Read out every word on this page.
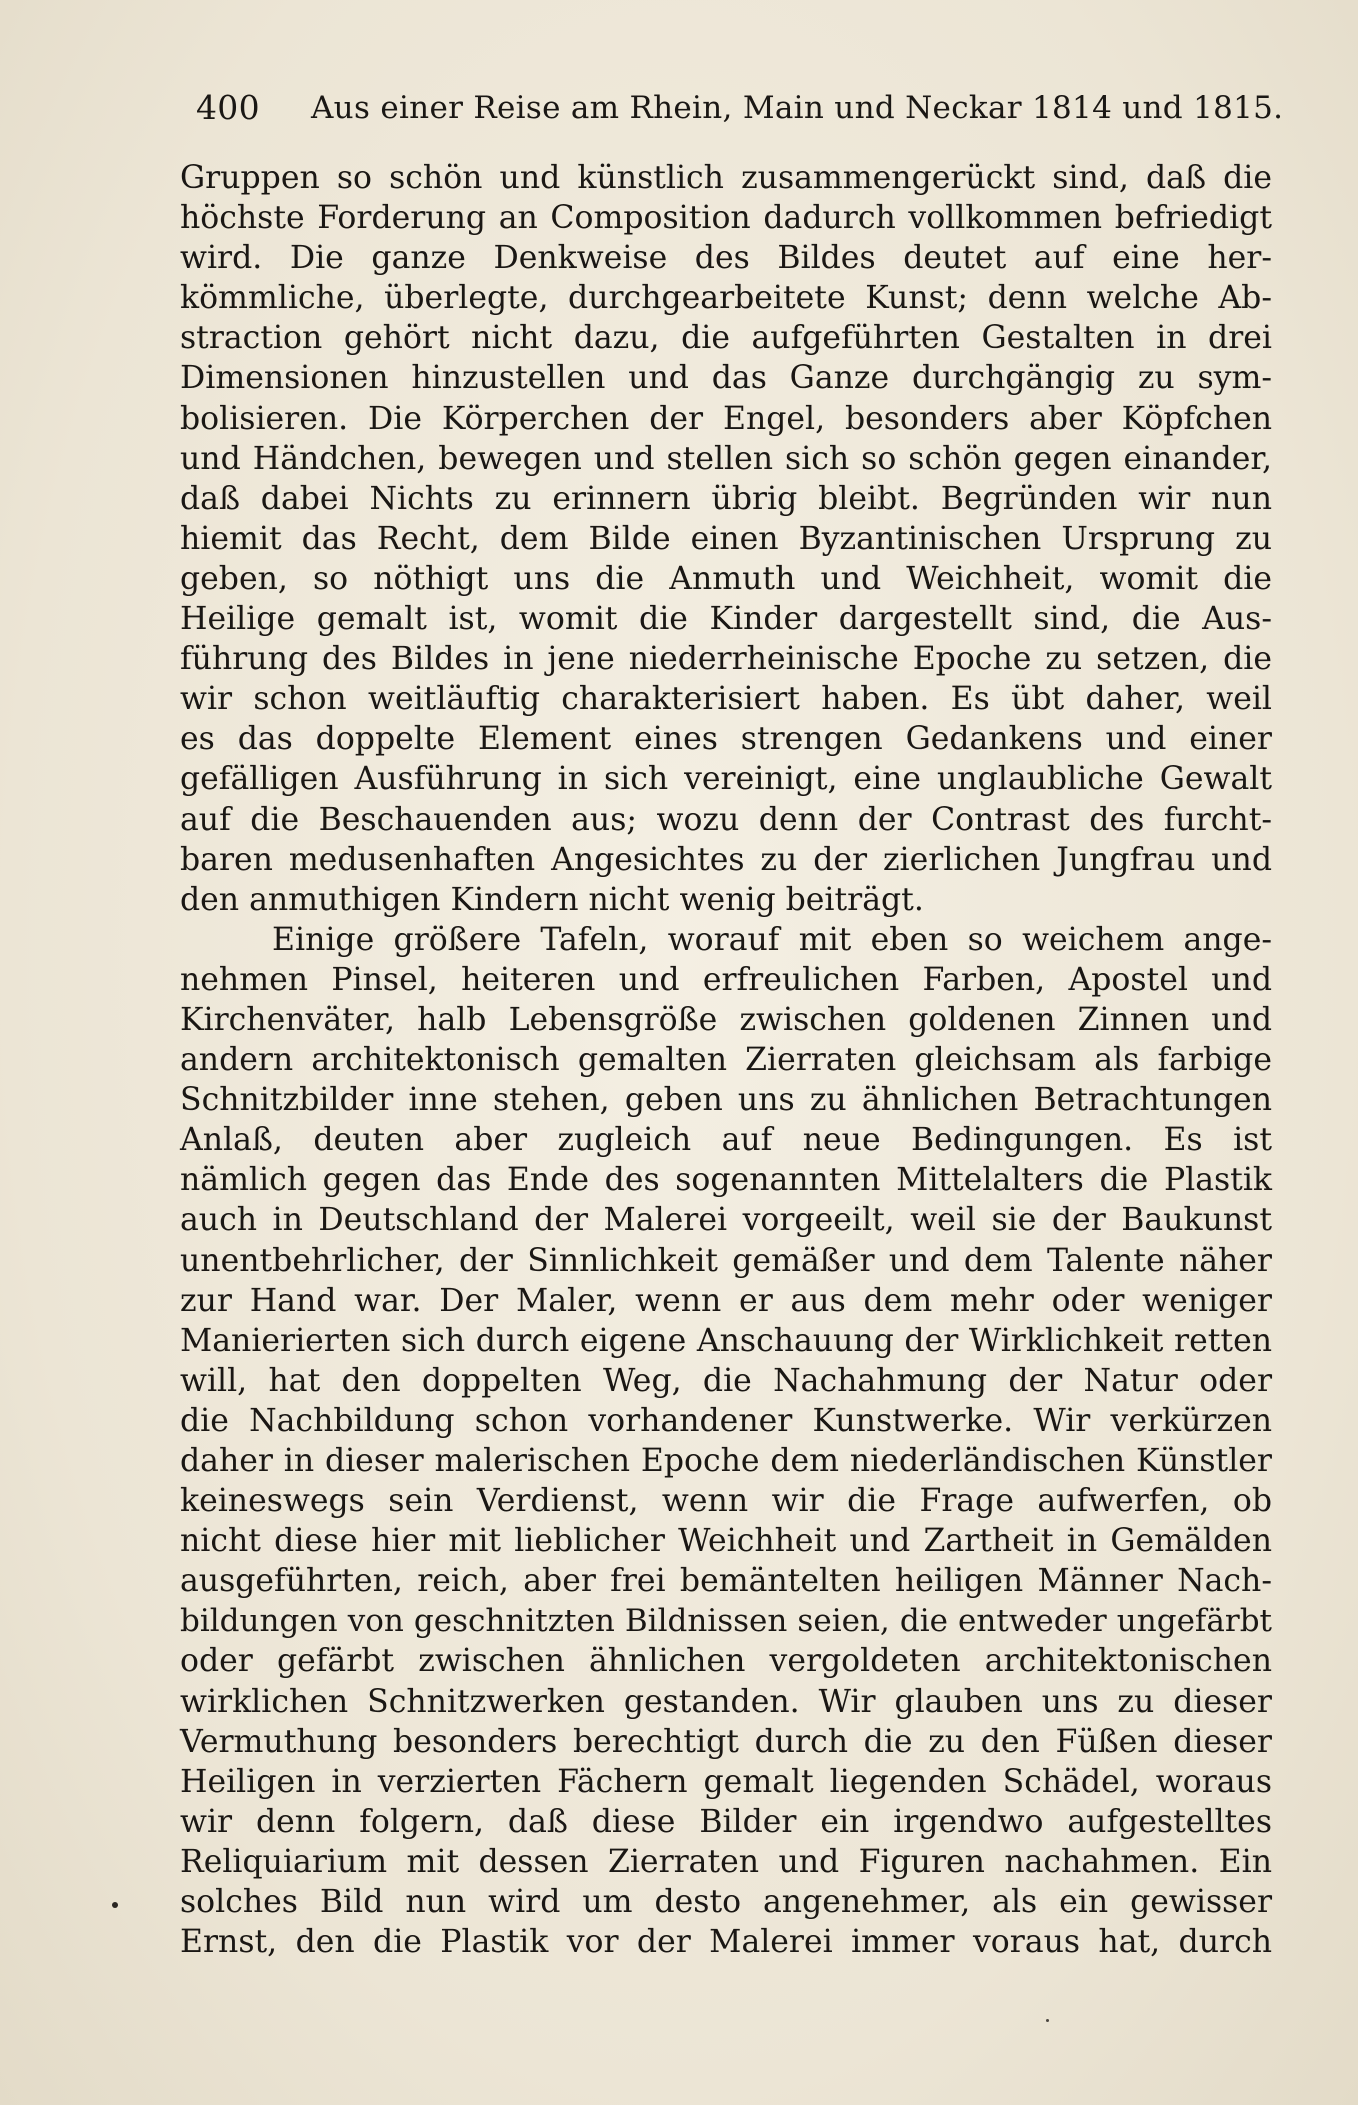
400 Aus einer Reise am Rhein, Main und Neckar 1814 und 1815.
Gruppen so schön und künstlich zusammengerückt sind, daß die
höchste Forderung an Composition dadurch vollkommen befriedigt
wird. Die ganze Denkweise des Bildes deutet auf eine her-
kömmliche, überlegte, durchgearbeitete Kunst; denn welche Ab-
straction gehört nicht dazu, die aufgeführten Gestalten in drei
Dimensionen hinzustellen und das Ganze durchgängig zu sym-
bolisieren. Die Körperchen der Engel, besonders aber Köpfchen
und Händchen, bewegen und stellen sich so schön gegen einander,
daß dabei Nichts zu erinnern übrig bleibt. Begründen wir nun
hiemit das Recht, dem Bilde einen Byzantinischen Ursprung zu
geben, so nöthigt uns die Anmuth und Weichheit, womit die
Heilige gemalt ist, womit die Kinder dargestellt sind, die Aus-
führung des Bildes in jene niederrheinische Epoche zu setzen, die
wir schon weitläuftig charakterisiert haben. Es übt daher, weil
es das doppelte Element eines strengen Gedankens und einer
gefälligen Ausführung in sich vereinigt, eine unglaubliche Gewalt
auf die Beschauenden aus; wozu denn der Contrast des furcht-
baren medusenhaften Angesichtes zu der zierlichen Jungfrau und
den anmuthigen Kindern nicht wenig beiträgt.
Einige größere Tafeln, worauf mit eben so weichem ange-
nehmen Pinsel, heiteren und erfreulichen Farben, Apostel und
Kirchenväter, halb Lebensgröße zwischen goldenen Zinnen und
andern architektonisch gemalten Zierraten gleichsam als farbige
Schnitzbilder inne stehen, geben uns zu ähnlichen Betrachtungen
Anlaß, deuten aber zugleich auf neue Bedingungen. Es ist
nämlich gegen das Ende des sogenannten Mittelalters die Plastik
auch in Deutschland der Malerei vorgeeilt, weil sie der Baukunst
unentbehrlicher, der Sinnlichkeit gemäßer und dem Talente näher
zur Hand war. Der Maler, wenn er aus dem mehr oder weniger
Manierierten sich durch eigene Anschauung der Wirklichkeit retten
will, hat den doppelten Weg, die Nachahmung der Natur oder
die Nachbildung schon vorhandener Kunstwerke. Wir verkürzen
daher in dieser malerischen Epoche dem niederländischen Künstler
keineswegs sein Verdienst, wenn wir die Frage aufwerfen, ob
nicht diese hier mit lieblicher Weichheit und Zartheit in Gemälden
ausgeführten, reich, aber frei bemäntelten heiligen Männer Nach-
bildungen von geschnitzten Bildnissen seien, die entweder ungefärbt
oder gefärbt zwischen ähnlichen vergoldeten architektonischen
wirklichen Schnitzwerken gestanden. Wir glauben uns zu dieser
Vermuthung besonders berechtigt durch die zu den Füßen dieser
Heiligen in verzierten Fächern gemalt liegenden Schädel, woraus
wir denn folgern, daß diese Bilder ein irgendwo aufgestelltes
Reliquiarium mit dessen Zierraten und Figuren nachahmen. Ein
solches Bild nun wird um desto angenehmer, als ein gewisser
Ernst, den die Plastik vor der Malerei immer voraus hat, durch
